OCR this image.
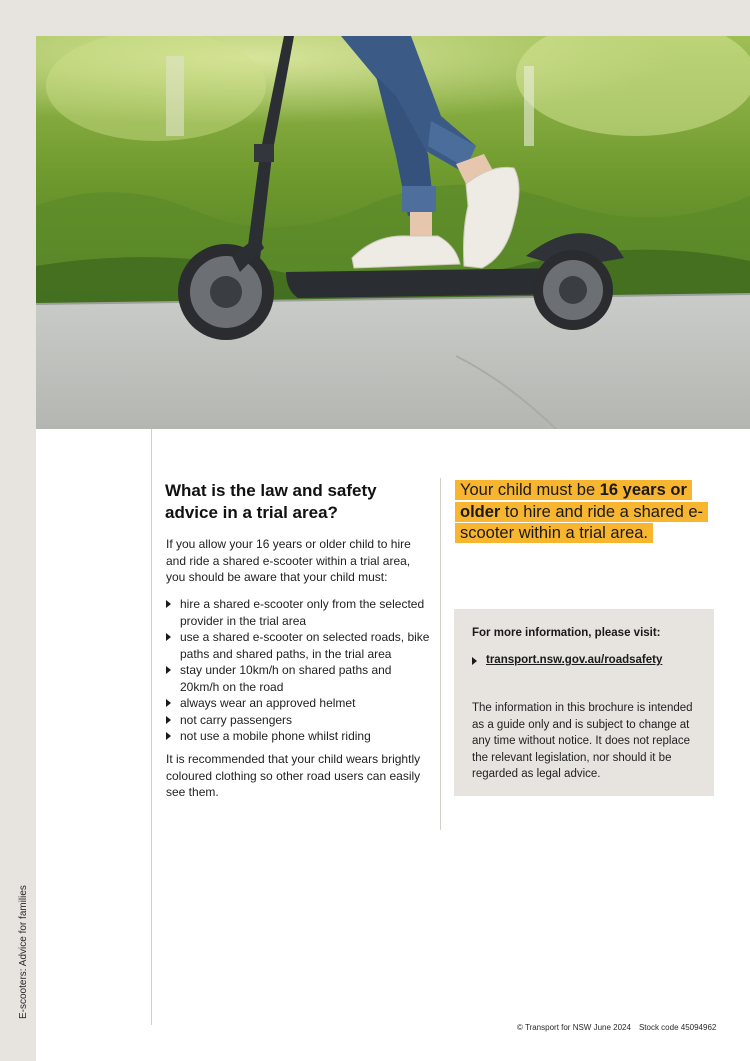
E-scooters: Advice for families
What is the law and safety advice in a trial area?

If you allow your 16 years or older child to hire and ride a shared e-scooter within a trial area, you should be aware that your child must:

hire a shared e-scooter only from the selected provider in the trial area
use a shared e-scooter on selected roads, bike paths and shared paths, in the trial area
stay under 10km/h on shared paths and 20km/h on the road
always wear an approved helmet
not carry passengers
not use a mobile phone whilst riding

It is recommended that your child wears brightly coloured clothing so other road users can easily see them.

Your child must be 16 years or older to hire and ride a shared e-scooter within a trial area.

For more information, please visit:
transport.nsw.gov.au/roadsafety

The information in this brochure is intended as a guide only and is subject to change at any time without notice. It does not replace the relevant legislation, nor should it be regarded as legal advice.

© Transport for NSW June 2024 Stock code 45094962
